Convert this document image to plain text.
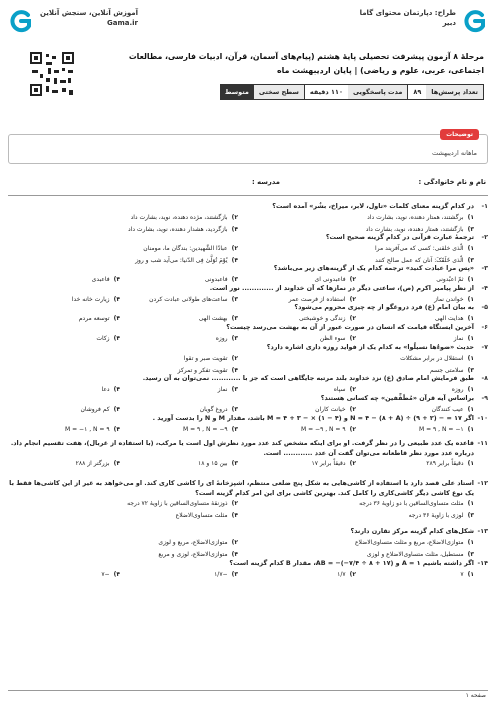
طراح: دپارتمان محتوای گاما
دبیر
آموزش آنلاین، سنجش آنلاین
Gama.ir
مرحلهٔ ۸ آزمون پیشرفت تحصیلی پایهٔ هشتم (پیام‌های آسمان، قرآن، ادبیات فارسی، مطالعات اجتماعی، عربی، علوم و ریاضی) | پایان اردیبهشت ماه
تعداد پرسش‌ها
۸۹
مدت پاسخگویی
۱۱۰ دقیقه
سطح سختی
متوسط
توضیحات
ماهانه اردیبهشت
نام و نام خانوادگی :
مدرسه :
۱-
در کدام گزینه معنای کلمات «تاول، لابر، میراخ، بشُر» آمده است؟
۱)برگشتند، همتار دهنده، نوید، بشارت داد
۲)بازگشتند، مژده دهنده، نوید، بشارت داد
۳)بازگشتند، همتار دهنده، نوید، بشارت داد
۴)بازگردید، هشدار دهنده، نوید، بشارت داد
۲-
ترجمهٔ عبارت قرآنی در کدام گزینه صحیح است؟
۱)الّذی خلقنی: کسی که می‌آفریند مرا
۲)عبادًا الشَّهیدین: بندگان ما، مومنان
۳)الّذی خَلَقَکَ: آنان که عمل صالح کنند
۴)یُوْمَ تُوَلَّیٰ فِی الدّنیا: می‌آید شب و روز
۳-
«پس مرا عبادت کنید» ترجمه کدام یک از گزینه‌های زیر می‌باشد؟
۱)ثمّ اعبُدونی
۲)فاعبدونی ای
۳)فاعبدونی
۴)فاعبدی
۴-
از نظر پیامبر اکرم (ص)، ساعتی دیگر در نماز‌ها که آن خداوند از ............. نور است.
۱)خواندن نماز
۲)استفاده از فرصت عمر
۳)ساعت‌های طولانی عبادت کردن
۴)زیارت خانه خدا
۵-
به بیان امام (ع) فرد دروغگو از چه چیزی محروم می‌شود؟
۱)هدایت الهی
۲)زندگی و خوشبختی
۳)بهشت الهی
۴)توسعه مردم
۶-
آخرین ایستگاه قیامت که انسان در صورت عبور از آن به بهشت می‌رسد چیست؟
۱)نماز
۲)سوء الظن
۳)روزه
۴)زکات
۷-
حدیث «ضوءُها نسیلُوا» به کدام یک از فواید روزه داری اشاره دارد؟
۱)استقلال در برابر مشکلات
۲)تقویت صبر و تقوا
۳)سلامتی جسم
۴)تقویت تفکر و تمرکز
۸-
طبق فرمایش امام صادق (ع) نزد خداوند بلند مرتبه جایگاهی است که جز با ............ نمی‌توان به آن رسید.
۱)روزه
۲)سپاه
۳)نماز
۴)دعا
۹-
براساس آیه قرآن «مُطَفِّفین» چه کسانی هستند؟
۱)عیب کنندگان
۲)خیانت کاران
۳)دروغ گویان
۴)کم فروشان
۱۰-
اگر N = ۴ − (۸ + A) ÷ (۹ + ۲) − = ۱۷ و M = ۴ + ۳ − × (۱ − ۴) باشد، مقدار M و N را بدست آورید .
۱)M = ۹ , N = −۱
۲)M = −۹ , N = ۹
۳)M = ۹ , N = −۹
۴)M = −۱ , N = ۹
۱۱-
قاعده یک عدد طبیعی را در نظر گرفت. او برای اینکه مشخص کند عدد مورد نظرش اول است یا مرکب، (با استفاده از غربال)، هفت تقسیم انجام داد. درباره عدد مورد نظر قاطعانه می‌توان گفت آن عدد ............ است.
۱)دقیقاً برابر ۲۸۹
۲)دقیقاً برابر ۱۷
۳)بین ۱۵ و ۱۸
۴)بزرگتر از ۲۸۸
۱۲-
استاد علی قصد دارد با استفاده از کاشی‌هایی به شکل پنج ضلعی منتظم، اشپزخانهٔ ای را کاشی کاری کند. او می‌خواهد به غیر از این کاشی‌ها فقط با یک نوع کاشی دیگر کاشی‌کاری را کامل کند. بهترین کاشی برای این امر کدام گزینه است؟
۱)مثلث متساوی‌الساقین با دو زاویهٔ ۳۶ درجه
۲)ذوزنقهٔ متساوی‌الساقین با زاویهٔ ۷۲ درجه
۳)لوزی با زاویهٔ ۳۶ درجه
۴)مثلث متساوی‌الاضلاع
۱۳-
شکل‌های کدام گزینه مرکز تقارن دارند؟
۱)متوازی‌الاضلاع، مربع و مثلث متساوی‌الاضلاع
۲)متوازی‌الاضلاع، مربع و لوزی
۳)مستطیل، مثلث متساوی‌الاضلاع و لوزی
۴)متوازی‌الاضلاع، لوزی و مربع
۱۴-
اگر داشته باشیم A = ۱ و AB = −(−۷/۴ ÷ ۸ + ۱۷)، مقدار B کدام گزینه است؟
۱)۷
۲)۱/۷
۳)−۱/۷
۴)−۷
صفحه ۱
